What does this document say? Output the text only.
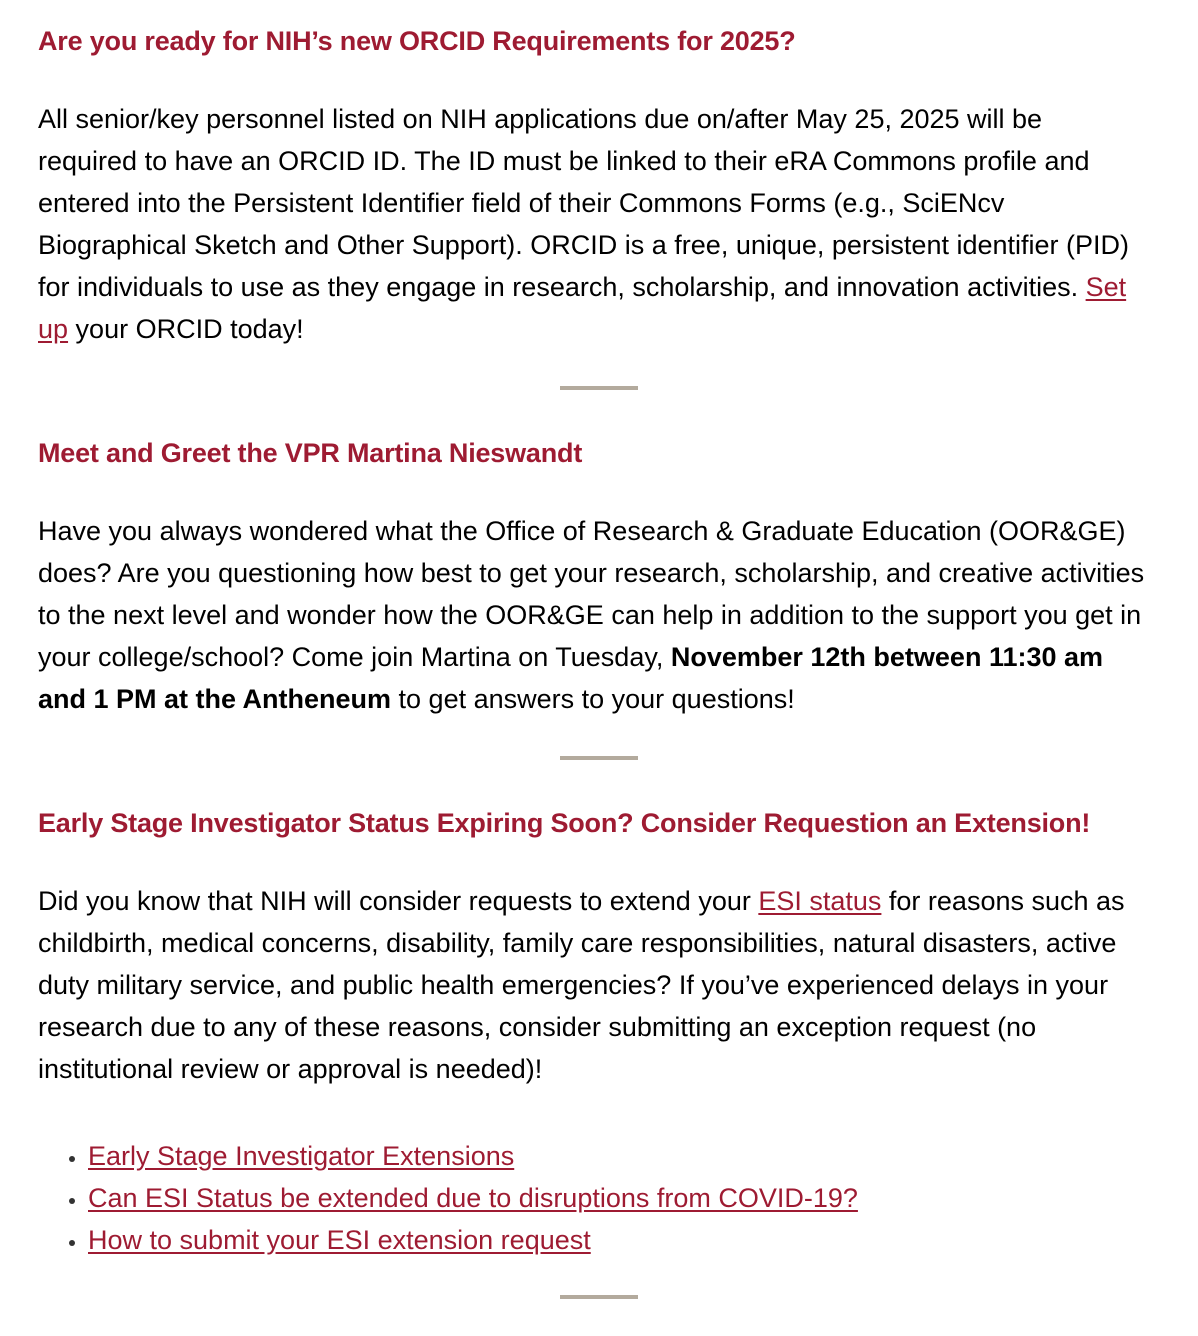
Are you ready for NIH’s new ORCID Requirements for 2025?

All senior/key personnel listed on NIH applications due on/after May 25, 2025 will be required to have an ORCID ID. The ID must be linked to their eRA Commons profile and entered into the Persistent Identifier field of their Commons Forms (e.g., SciENcv Biographical Sketch and Other Support). ORCID is a free, unique, persistent identifier (PID) for individuals to use as they engage in research, scholarship, and innovation activities. Set up your ORCID today!

Meet and Greet the VPR Martina Nieswandt

Have you always wondered what the Office of Research & Graduate Education (OOR&GE) does? Are you questioning how best to get your research, scholarship, and creative activities to the next level and wonder how the OOR&GE can help in addition to the support you get in your college/school? Come join Martina on Tuesday, November 12th between 11:30 am and 1 PM at the Antheneum to get answers to your questions!

Early Stage Investigator Status Expiring Soon? Consider Requestion an Extension!

Did you know that NIH will consider requests to extend your ESI status for reasons such as childbirth, medical concerns, disability, family care responsibilities, natural disasters, active duty military service, and public health emergencies? If you’ve experienced delays in your research due to any of these reasons, consider submitting an exception request (no institutional review or approval is needed)!

• Early Stage Investigator Extensions
• Can ESI Status be extended due to disruptions from COVID-19?
• How to submit your ESI extension request
